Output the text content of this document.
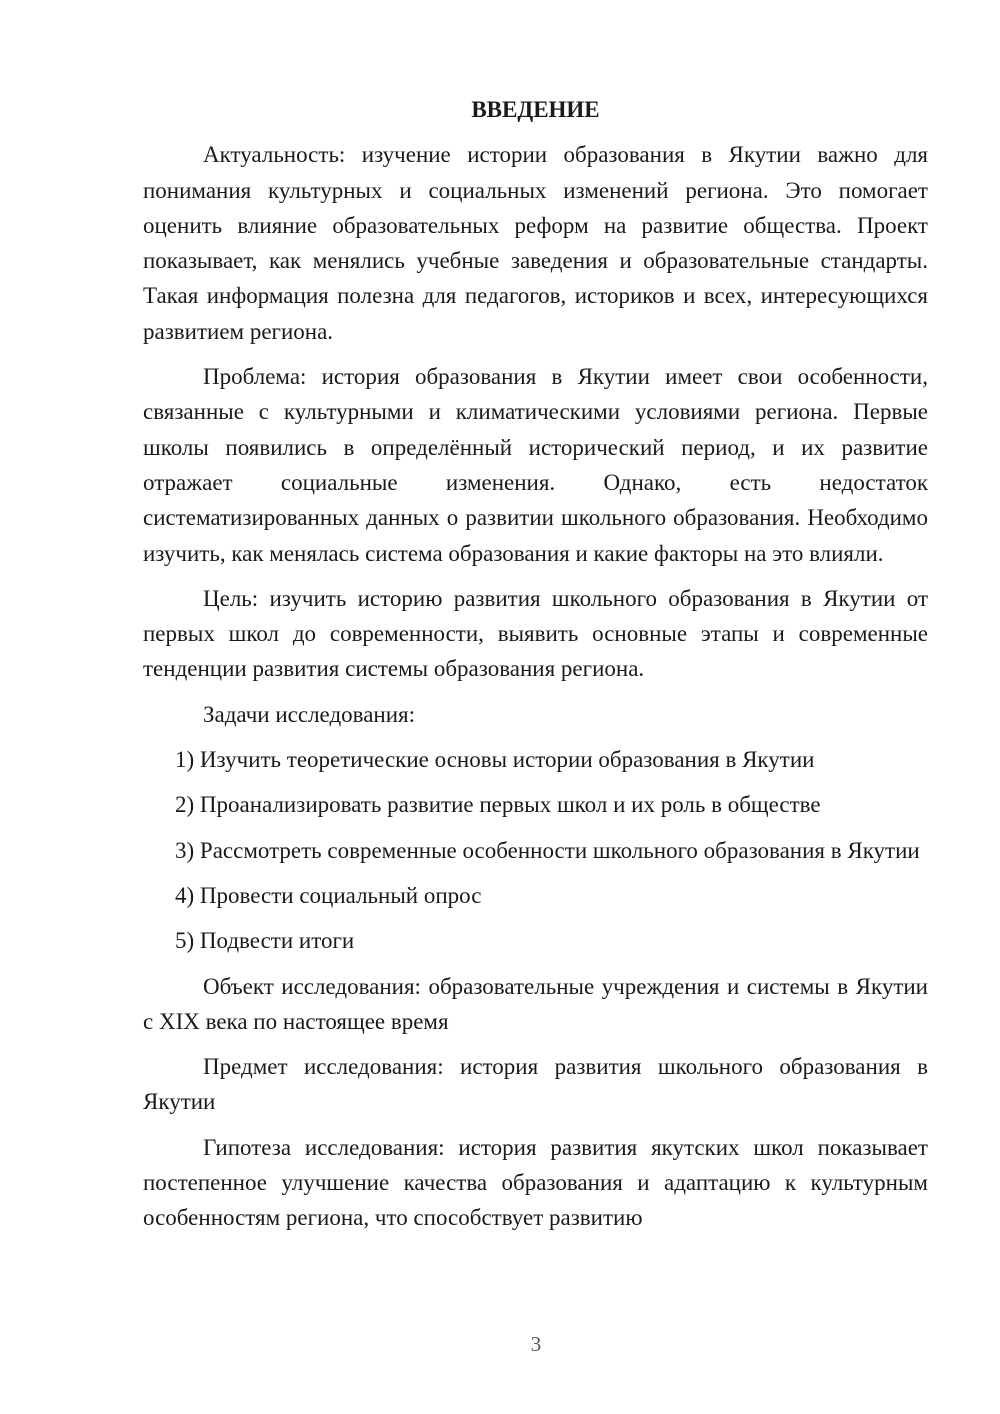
ВВЕДЕНИЕ

Актуальность: изучение истории образования в Якутии важно для понимания культурных и социальных изменений региона. Это помогает оценить влияние образовательных реформ на развитие общества. Проект показывает, как менялись учебные заведения и образовательные стандарты. Такая информация полезна для педагогов, историков и всех, интересующихся развитием региона.

Проблема: история образования в Якутии имеет свои особенности, связанные с культурными и климатическими условиями региона. Первые школы появились в определённый исторический период, и их развитие отражает социальные изменения. Однако, есть недостаток систематизированных данных о развитии школьного образования. Необходимо изучить, как менялась система образования и какие факторы на это влияли.

Цель: изучить историю развития школьного образования в Якутии от первых школ до современности, выявить основные этапы и современные тенденции развития системы образования региона.

Задачи исследования:

1) Изучить теоретические основы истории образования в Якутии

2) Проанализировать развитие первых школ и их роль в обществе

3) Рассмотреть современные особенности школьного образования в Якутии

4) Провести социальный опрос

5) Подвести итоги

Объект исследования: образовательные учреждения и системы в Якутии с XIX века по настоящее время

Предмет исследования: история развития школьного образования в Якутии

Гипотеза исследования: история развития якутских школ показывает постепенное улучшение качества образования и адаптацию к культурным особенностям региона, что способствует развитию

3
